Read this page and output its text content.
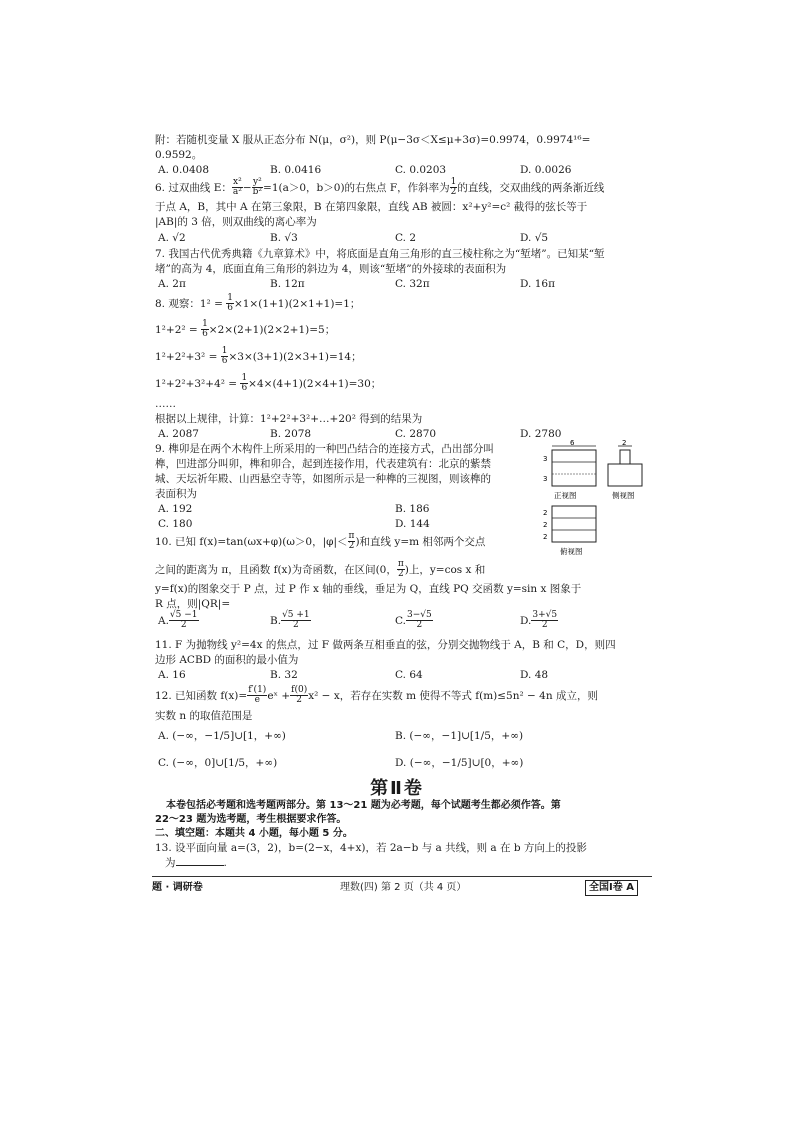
附：若随机变量 X 服从正态分布 N(μ，σ²)，则 P(μ−3σ＜X≤μ+3σ)=0.9974，0.9974¹⁶=
0.9592。
A. 0.0408	B. 0.0416	C. 0.0203	D. 0.0026
6. 过双曲线 E： $\frac{\text{x²}}{\text{a²}} - \frac{\text{y²}}{\text{b²}} =1(a>0$，b＞0)的右焦点 F，作斜率为 $\frac{1}{2}$ 的直线，交双曲线的两条渐近线
于点 A，B，其中 A 在第三象限，B 在第四象限，直线 AB 被圆：x²+y²=c² 截得的弦长等于
|AB|的 3 倍，则双曲线的离心率为
A. √2	B. √3	C. 2	D. √5
7. 我国古代优秀典籍《九章算术》中，将底面是直角三角形的直三棱柱称之为“堑堵”。已知某“堑
堵”的高为 4，底面直角三角形的斜边为 4，则该“堑堵”的外接球的表面积为
A. 2π	B. 12π	C. 32π	D. 16π
8. 观察：$1^2 = \frac{1}{6} \times 1\times(1+1)(2\times 1+1)=1$；
$1^2+2^2 = \frac{1}{6} \times 2\times(2+1)(2\times 2+1)=5$；
$1^2+2^2+3^2 = \frac{1}{6} \times 3\times(3+1)(2\times 3+1)=14$；
$1^2+2^2+3^2+4^2 = \frac{1}{6} \times 4\times(4+1)(2\times 4+1)=30$；
……
根据以上规律，计算：1²+2²+3²+…+20² 得到的结果为
A. 2087	B. 2078	C. 2870	D. 2780
9. 榫卯是在两个木构件上所采用的一种凹凸结合的连接方式，凸出部分叫
榫，凹进部分叫卯，榫和卯合，起到连接作用，代表建筑有：北京的紫禁
城、天坛祈年殿、山西悬空寺等，如图所示是一种榫的三视图，则该榫的
表面积为
A. 192	B. 186
C. 180	D. 144
6
3
3
2
正视图	侧视图
2
2
2
俯视图
10. 已知 f(x)=tan(ωx+φ)(ω＞0，$|\varphi|< \frac{\pi}{2}$ )和直线 y=m 相邻两个交点
之间的距离为 π，且函数 f(x)为奇函数，在区间(0， $\frac{\pi}{2}$ )上，y=cos x 和
y=f(x)的图象交于 P 点，过 P 作 x 轴的垂线，垂足为 Q，直线 PQ 交函数 y=sin x 图象于
R 点，则|QR|=
A. $\frac{√5 -1}{2}$	B. $\frac{√5 +1}{2}$	C. $\frac{3-√5}{2}$	D. $\frac{3+√5}{2}$
11. F 为抛物线 y²=4x 的焦点，过 F 做两条互相垂直的弦，分别交抛物线于 A，B 和 C，D，则四
边形 ACBD 的面积的最小值为
A. 16	B. 32	C. 64	D. 48
12. 已知函数 $f(x)= \frac{f'(1)}{e}$ eˣ + $\frac{f(0)}{2} x^2 - x$，若存在实数 m 使得不等式 f(m)≤5n² − 4n 成立，则
实数 n 的取值范围是
A. (−∞，−1/5]∪[1，+∞)	B. (−∞，−1]∪[1/5，+∞)
C. (−∞，0]∪[1/5，+∞)	D. (−∞，−1/5]∪[0，+∞)
第Ⅱ卷
本卷包括必考题和选考题两部分。第 13～21 题为必考题，每个试题考生都必须作答。第
22～23 题为选考题，考生根据要求作答。
二、填空题：本题共 4 小题，每小题 5 分。
13. 设平面向量 a=(3，2)，b=(2−x，4+x)，若 2a−b 与 a 共线，则 a 在 b 方向上的投影
为	.
题 · 调研卷	理数(四) 第 2 页（共 4 页）	全国Ⅰ卷 A
